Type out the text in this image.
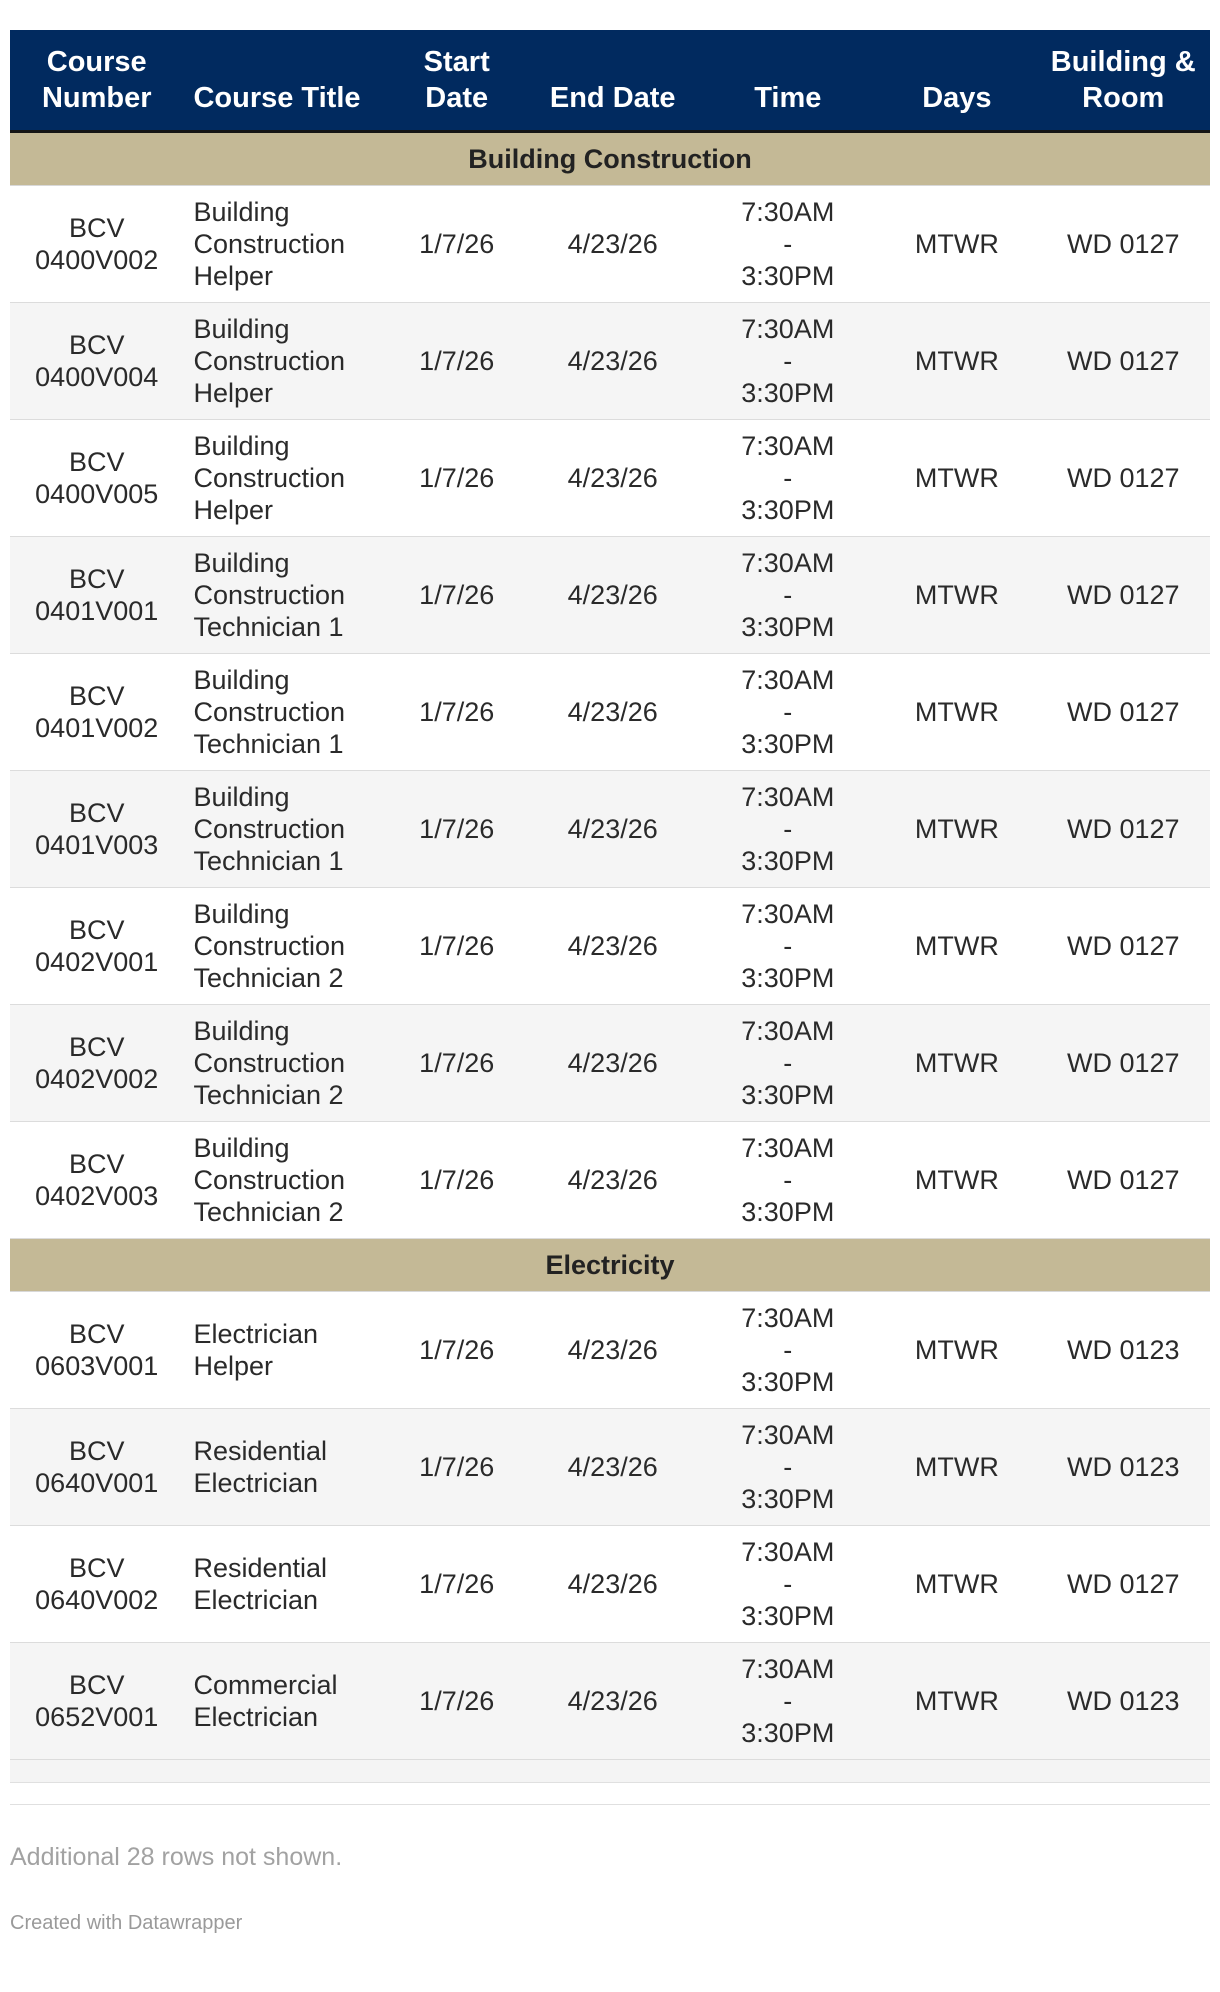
Course Number	Course Title	Start Date	End Date	Time	Days	Building & Room
Building Construction						
BCV 0400V002	Building Construction Helper	1/7/26	4/23/26	7:30AM
-
3:30PM	MTWR	WD 0127
BCV 0400V004	Building Construction Helper	1/7/26	4/23/26	7:30AM
-
3:30PM	MTWR	WD 0127
BCV 0400V005	Building Construction Helper	1/7/26	4/23/26	7:30AM
-
3:30PM	MTWR	WD 0127
BCV 0401V001	Building Construction Technician 1	1/7/26	4/23/26	7:30AM
-
3:30PM	MTWR	WD 0127
BCV 0401V002	Building Construction Technician 1	1/7/26	4/23/26	7:30AM
-
3:30PM	MTWR	WD 0127
BCV 0401V003	Building Construction Technician 1	1/7/26	4/23/26	7:30AM
-
3:30PM	MTWR	WD 0127
BCV 0402V001	Building Construction Technician 2	1/7/26	4/23/26	7:30AM
-
3:30PM	MTWR	WD 0127
BCV 0402V002	Building Construction Technician 2	1/7/26	4/23/26	7:30AM
-
3:30PM	MTWR	WD 0127
BCV 0402V003	Building Construction Technician 2	1/7/26	4/23/26	7:30AM
-
3:30PM	MTWR	WD 0127
Electricity						
BCV 0603V001	Electrician Helper	1/7/26	4/23/26	7:30AM
-
3:30PM	MTWR	WD 0123
BCV 0640V001	Residential Electrician	1/7/26	4/23/26	7:30AM
-
3:30PM	MTWR	WD 0123
BCV 0640V002	Residential Electrician	1/7/26	4/23/26	7:30AM
-
3:30PM	MTWR	WD 0127
BCV 0652V001	Commercial Electrician	1/7/26	4/23/26	7:30AM
-
3:30PM	MTWR	WD 0123

Additional 28 rows not shown.
Created with Datawrapper
